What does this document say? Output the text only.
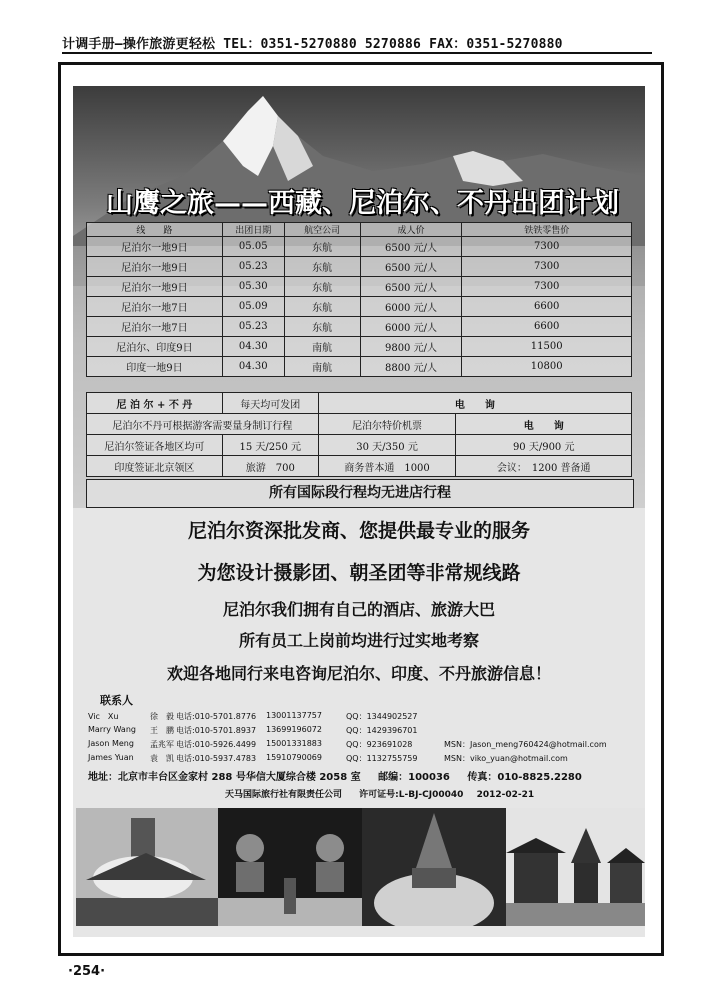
计调手册—操作旅游更轻松 TEL：0351-5270880 5270886 FAX：0351-5270880
山鹰之旅——西藏、尼泊尔、不丹出团计划
线　　路	出团日期	航空公司	成人价	铁铁零售价
尼泊尔一地9日	05.05	东航	6500 元/人	7300
尼泊尔一地9日	05.23	东航	6500 元/人	7300
尼泊尔一地9日	05.30	东航	6500 元/人	7300
尼泊尔一地7日	05.09	东航	6000 元/人	6600
尼泊尔一地7日	05.23	东航	6000 元/人	6600
尼泊尔、印度9日	04.30	南航	9800 元/人	11500
印度一地9日	04.30	南航	8800 元/人	10800
尼 泊 尔 + 不 丹	每天均可发团	电　　询	
尼泊尔不丹可根据游客需要量身制订行程		尼泊尔特价机票	电　　询
尼泊尔签证各地区均可	15 天/250 元	30 天/350 元	90 天/900 元
印度签证北京领区	旅游　700	商务普本通　1000	会议：　1200 普备通
所有国际段行程均无进店行程
尼泊尔资深批发商、您提供最专业的服务
为您设计摄影团、朝圣团等非常规线路
尼泊尔我们拥有自己的酒店、旅游大巴
所有员工上岗前均进行过实地考察
欢迎各地同行来电咨询尼泊尔、印度、不丹旅游信息！
联系人
Vic　Xu	徐　毅 电话:010-5701.8776 13001137757	QQ：1344902527
Marry Wang 王　鹏 电话:010-5701.8937 13699196072	QQ：1429396701
Jason Meng 孟兆军 电话:010-5926.4499 15001331883	QQ：923691028	MSN：Jason_meng760424@hotmail.com
James Yuan 袁　凯 电话:010-5937.4783 15910790069	QQ：1132755759	MSN：viko_yuan@hotmail.com
地址：北京市丰台区金家村 288 号华信大厦综合楼 2058 室 邮编：100036 传真：010-8825.2280
天马国际旅行社有限责任公司 许可证号:L-BJ-CJ00040 2012-02-21
·254·
